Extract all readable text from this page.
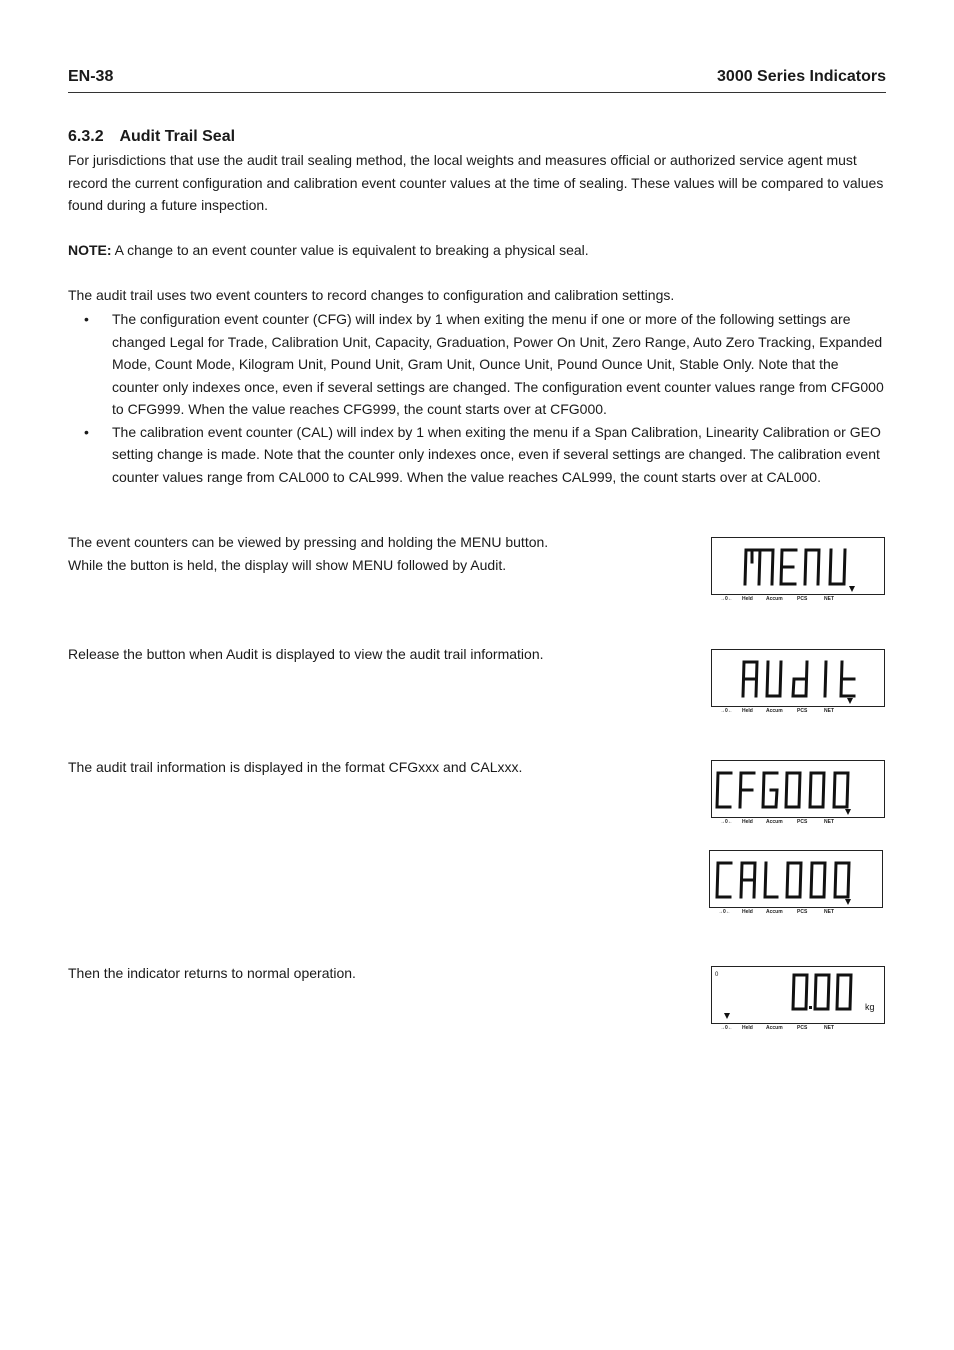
EN-38	3000 Series Indicators
6.3.2 Audit Trail Seal
For jurisdictions that use the audit trail sealing method, the local weights and measures official or authorized service agent must record the current configuration and calibration event counter values at the time of sealing. These values will be compared to values found during a future inspection.
NOTE: A change to an event counter value is equivalent to breaking a physical seal.
The audit trail uses two event counters to record changes to configuration and calibration settings.
• The configuration event counter (CFG) will index by 1 when exiting the menu if one or more of the following settings are changed Legal for Trade, Calibration Unit, Capacity, Graduation, Power On Unit, Zero Range, Auto Zero Tracking, Expanded Mode, Count Mode, Kilogram Unit, Pound Unit, Gram Unit, Ounce Unit, Pound Ounce Unit, Stable Only. Note that the counter only indexes once, even if several settings are changed. The configuration event counter values range from CFG000 to CFG999. When the value reaches CFG999, the count starts over at CFG000.
• The calibration event counter (CAL) will index by 1 when exiting the menu if a Span Calibration, Linearity Calibration or GEO setting change is made. Note that the counter only indexes once, even if several settings are changed. The calibration event counter values range from CAL000 to CAL999. When the value reaches CAL999, the count starts over at CAL000.
The event counters can be viewed by pressing and holding the MENU button.
While the button is held, the display will show MENU followed by Audit.
Release the button when Audit is displayed to view the audit trail information.
The audit trail information is displayed in the format CFGxxx and CALxxx.
Then the indicator returns to normal operation.
→0← Held	Accum	PCS	NET
→0← Held	Accum	PCS	NET
→0← Held	Accum	PCS	NET
→0← Held	Accum	PCS	NET
0
kg
→0← Held	Accum	PCS	NET
